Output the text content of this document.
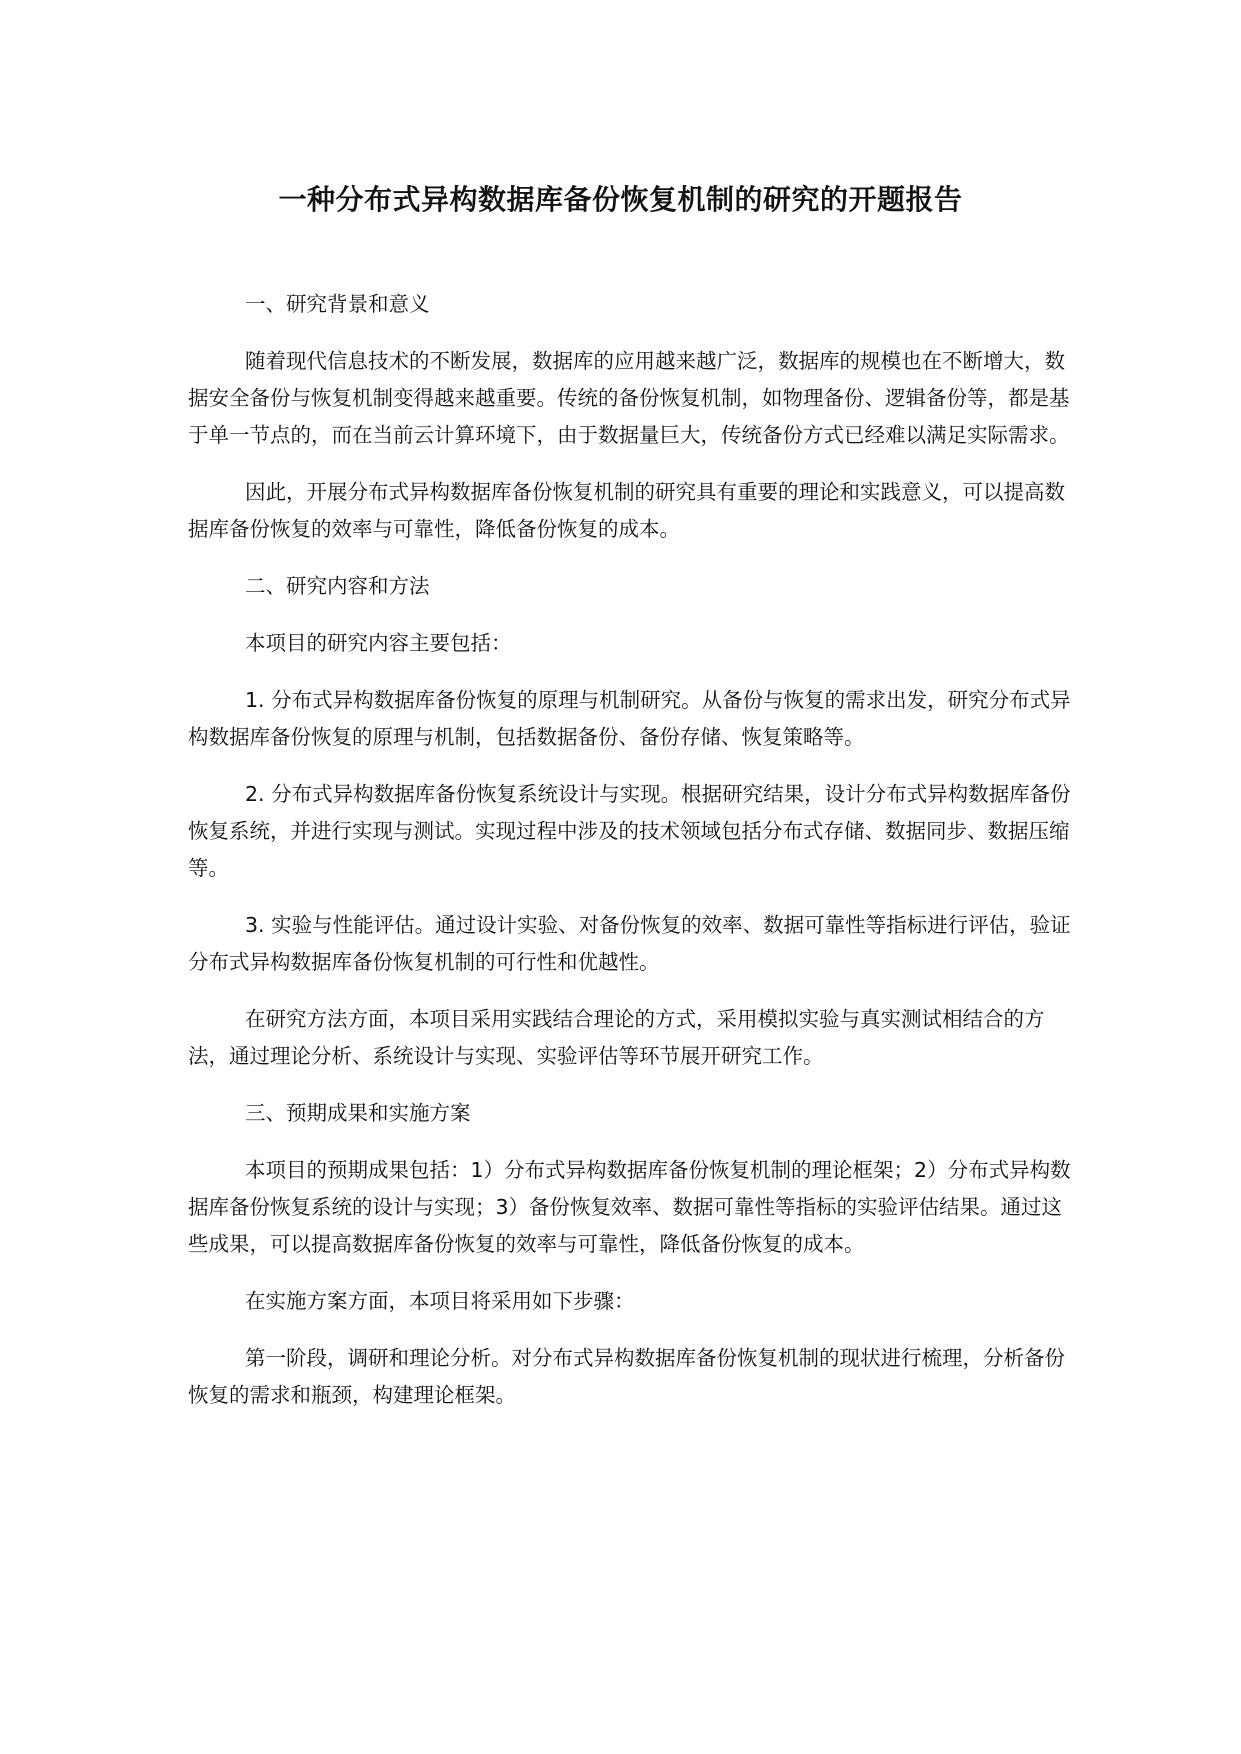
一种分布式异构数据库备份恢复机制的研究的开题报告

一、研究背景和意义

随着现代信息技术的不断发展，数据库的应用越来越广泛，数据库的规模也在不断增大，数据安全备份与恢复机制变得越来越重要。传统的备份恢复机制，如物理备份、逻辑备份等，都是基于单一节点的，而在当前云计算环境下，由于数据量巨大，传统备份方式已经难以满足实际需求。

因此，开展分布式异构数据库备份恢复机制的研究具有重要的理论和实践意义，可以提高数据库备份恢复的效率与可靠性，降低备份恢复的成本。

二、研究内容和方法

本项目的研究内容主要包括：

1. 分布式异构数据库备份恢复的原理与机制研究。从备份与恢复的需求出发，研究分布式异构数据库备份恢复的原理与机制，包括数据备份、备份存储、恢复策略等。

2. 分布式异构数据库备份恢复系统设计与实现。根据研究结果，设计分布式异构数据库备份恢复系统，并进行实现与测试。实现过程中涉及的技术领域包括分布式存储、数据同步、数据压缩等。

3. 实验与性能评估。通过设计实验、对备份恢复的效率、数据可靠性等指标进行评估，验证分布式异构数据库备份恢复机制的可行性和优越性。

在研究方法方面，本项目采用实践结合理论的方式，采用模拟实验与真实测试相结合的方法，通过理论分析、系统设计与实现、实验评估等环节展开研究工作。

三、预期成果和实施方案

本项目的预期成果包括：1）分布式异构数据库备份恢复机制的理论框架；2）分布式异构数据库备份恢复系统的设计与实现；3）备份恢复效率、数据可靠性等指标的实验评估结果。通过这些成果，可以提高数据库备份恢复的效率与可靠性，降低备份恢复的成本。

在实施方案方面，本项目将采用如下步骤：

第一阶段，调研和理论分析。对分布式异构数据库备份恢复机制的现状进行梳理，分析备份恢复的需求和瓶颈，构建理论框架。
